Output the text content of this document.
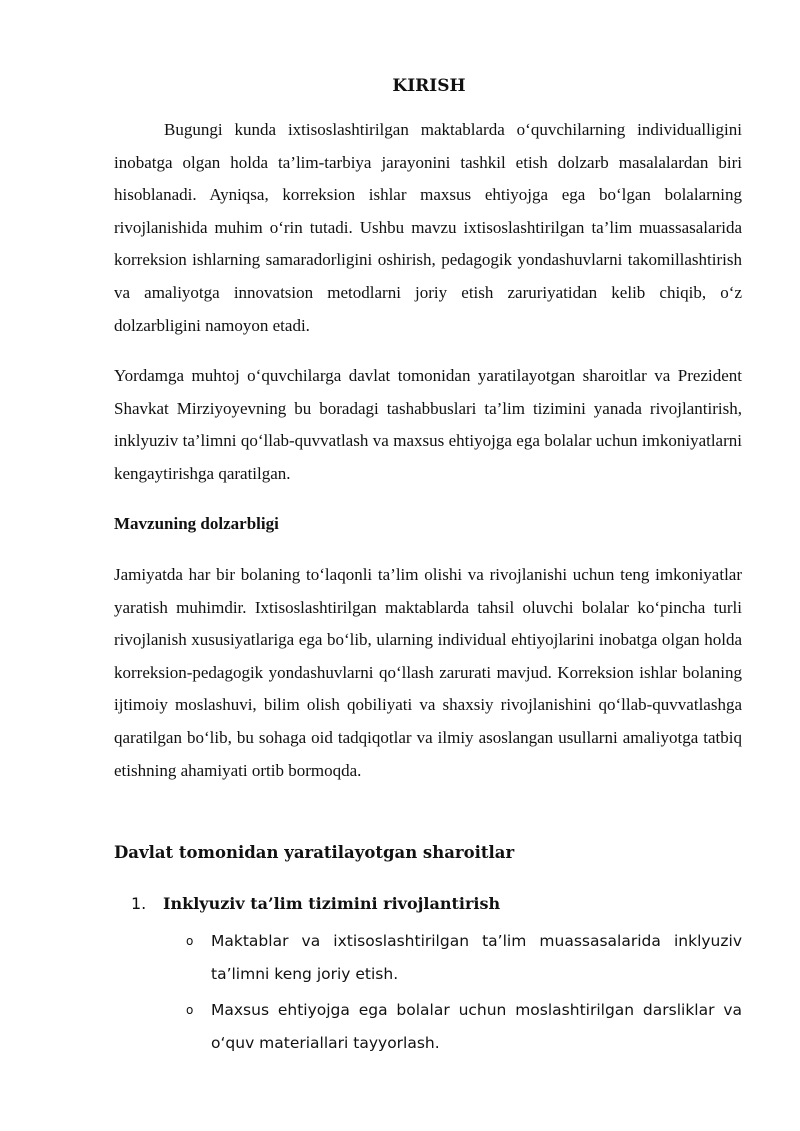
KIRISH

Bugungi kunda ixtisoslashtirilgan maktablarda o‘quvchilarning individualligini inobatga olgan holda ta’lim-tarbiya jarayonini tashkil etish dolzarb masalalardan biri hisoblanadi. Ayniqsa, korreksion ishlar maxsus ehtiyojga ega bo‘lgan bolalarning rivojlanishida muhim o‘rin tutadi. Ushbu mavzu ixtisoslashtirilgan ta’lim muassasalarida korreksion ishlarning samaradorligini oshirish, pedagogik yondashuvlarni takomillashtirish va amaliyotga innovatsion metodlarni joriy etish zaruriyatidan kelib chiqib, o‘z dolzarbligini namoyon etadi.

Yordamga muhtoj o‘quvchilarga davlat tomonidan yaratilayotgan sharoitlar va Prezident Shavkat Mirziyoyevning bu boradagi tashabbuslari ta’lim tizimini yanada rivojlantirish, inklyuziv ta’limni qo‘llab-quvvatlash va maxsus ehtiyojga ega bolalar uchun imkoniyatlarni kengaytirishga qaratilgan.

Mavzuning dolzarbligi

Jamiyatda har bir bolaning to‘laqonli ta’lim olishi va rivojlanishi uchun teng imkoniyatlar yaratish muhimdir. Ixtisoslashtirilgan maktablarda tahsil oluvchi bolalar ko‘pincha turli rivojlanish xususiyatlariga ega bo‘lib, ularning individual ehtiyojlarini inobatga olgan holda korreksion-pedagogik yondashuvlarni qo‘llash zarurati mavjud. Korreksion ishlar bolaning ijtimoiy moslashuvi, bilim olish qobiliyati va shaxsiy rivojlanishini qo‘llab-quvvatlashga qaratilgan bo‘lib, bu sohaga oid tadqiqotlar va ilmiy asoslangan usullarni amaliyotga tatbiq etishning ahamiyati ortib bormoqda.

Davlat tomonidan yaratilayotgan sharoitlar
1. Inklyuziv ta’lim tizimini rivojlantirish
o Maktablar va ixtisoslashtirilgan ta’lim muassasalarida inklyuziv ta’limni keng joriy etish.
o Maxsus ehtiyojga ega bolalar uchun moslashtirilgan darsliklar va o‘quv materiallari tayyorlash.
